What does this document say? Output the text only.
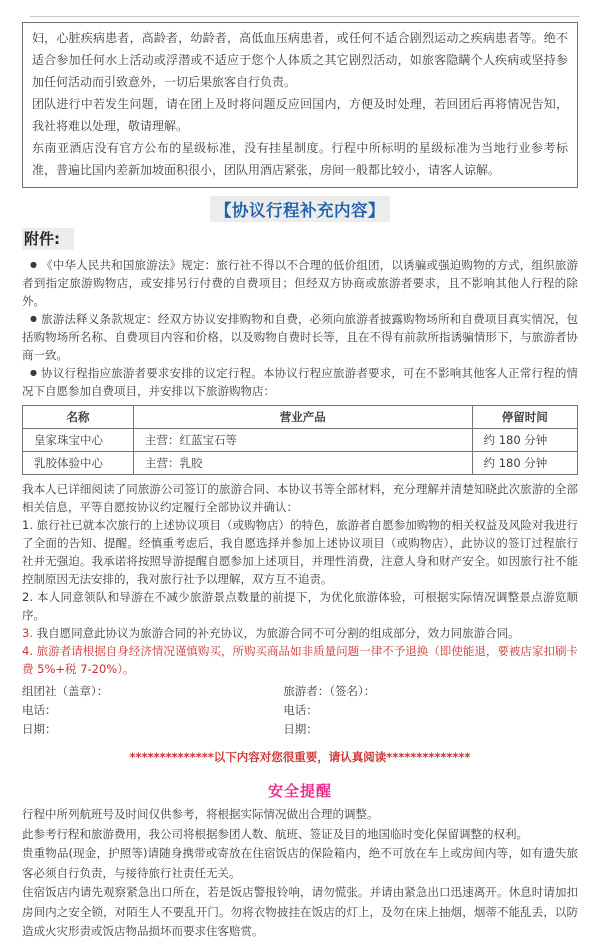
妇，心脏疾病患者，高龄者，幼龄者，高低血压病患者，或任何不适合剧烈运动之疾病患者等。绝不适合参加任何水上活动或浮潜或不适应于您个人体质之其它剧烈活动，如旅客隐瞒个人疾病或坚持参加任何活动而引致意外，一切后果旅客自行负责。
团队进行中若发生问题，请在团上及时将问题反应回国内，方便及时处理，若回团后再将情况告知，我社将难以处理，敬请理解。
东南亚酒店没有官方公布的星级标准，没有挂星制度。行程中所标明的星级标准为当地行业参考标准，普遍比国内差新加坡面积很小，团队用酒店紧张，房间一般都比较小，请客人谅解。
【协议行程补充内容】
附件:
● 《中华人民共和国旅游法》规定：旅行社不得以不合理的低价组团，以诱骗或强迫购物的方式，组织旅游者到指定旅游购物店，或安排另行付费的自费项目；但经双方协商或旅游者要求，且不影响其他人行程的除外。
● 旅游法释义条款规定：经双方协议安排购物和自费，必须向旅游者披露购物场所和自费项目真实情况，包括购物场所名称、自费项目内容和价格，以及购物自费时长等，且在不得有前款所指诱骗情形下，与旅游者协商一致。
● 协议行程指应旅游者要求安排的议定行程。本协议行程应旅游者要求，可在不影响其他客人正常行程的情况下自愿参加自费项目，并安排以下旅游购物店：
名称	营业产品	停留时间
皇家珠宝中心	主营：红蓝宝石等	约 180 分钟
乳胶体验中心	主营：乳胶	约 180 分钟
我本人已详细阅读了同旅游公司签订的旅游合同、本协议书等全部材料，充分理解并清楚知晓此次旅游的全部相关信息，平等自愿按协议约定履行全部协议并确认：
1. 旅行社已就本次旅行的上述协议项目（或购物店）的特色，旅游者自愿参加购物的相关权益及风险对我进行了全面的告知、提醒。经慎重考虑后，我自愿选择并参加上述协议项目（或购物店），此协议的签订过程旅行社并无强迫。我承诺将按照导游提醒自愿参加上述项目，并理性消费，注意人身和财产安全。如因旅行社不能控制原因无法安排的，我对旅行社予以理解，双方互不追责。
2. 本人同意领队和导游在不减少旅游景点数量的前提下，为优化旅游体验，可根据实际情况调整景点游览顺序。
3. 我自愿同意此协议为旅游合同的补充协议，为旅游合同不可分割的组成部分，效力同旅游合同。
4. 旅游者请根据自身经济情况谨慎购买，所购买商品如非质量问题一律不予退换（即使能退，要被店家扣刷卡费 5%+税 7-20%）。
组团社（盖章）：	旅游者：（签名）：
电话：	电话：
日期：	日期：
**************以下内容对您很重要，请认真阅读**************
安全提醒
行程中所列航班号及时间仅供参考，将根据实际情况做出合理的调整。
此参考行程和旅游费用，我公司将根据参团人数、航班、签证及目的地国临时变化保留调整的权利。
贵重物品(现金，护照等)请随身携带或寄放在住宿饭店的保险箱内，绝不可放在车上或房间内等，如有遗失旅客必须自行负责，与接待旅行社责任无关。
住宿饭店内请先观察紧急出口所在，若是饭店警报铃响，请勿慌张。并请由紧急出口迅速离开。休息时请加扣房间内之安全锁，对陌生人不要乱开门。勿将衣物披挂在饭店的灯上，及勿在床上抽烟，烟蒂不能乱丢，以防造成火灾形责或饭店物品损坏而要求住客赔赏。
